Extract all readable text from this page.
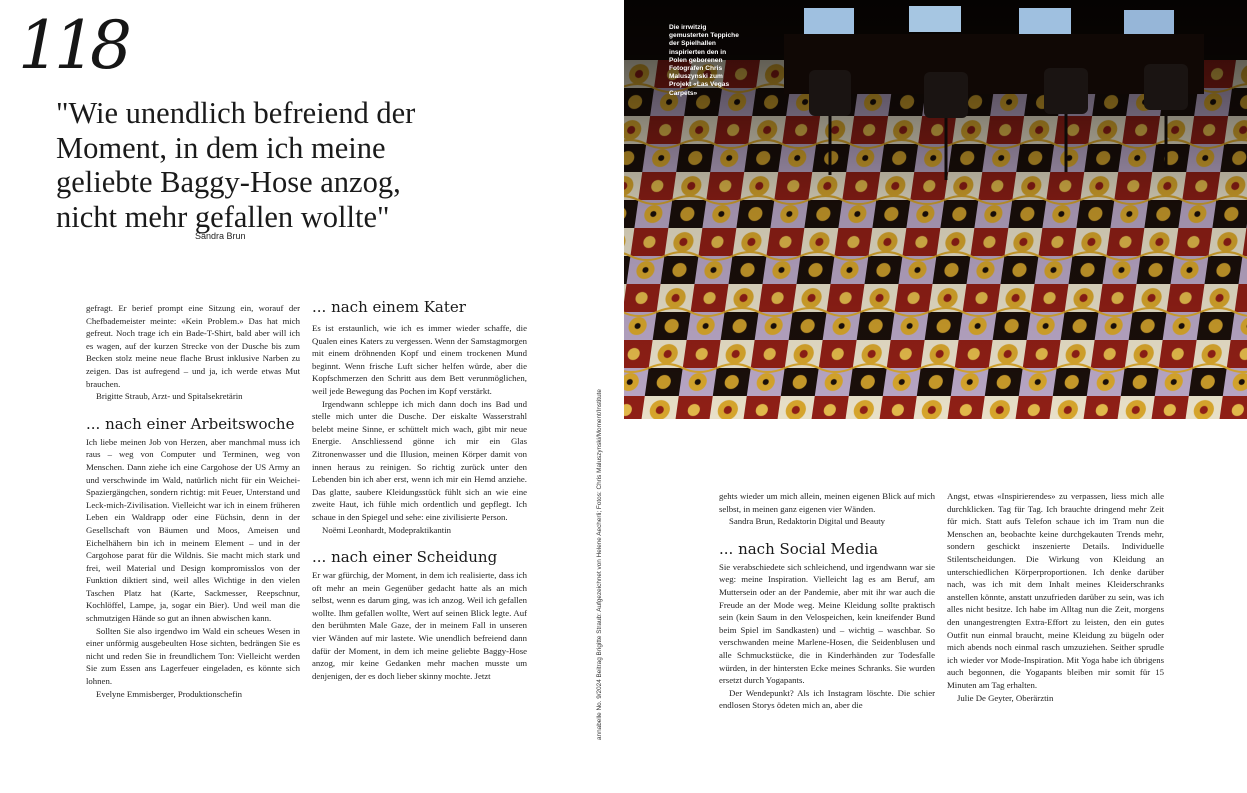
118
"Wie unendlich befreiend der
Moment, in dem ich meine
geliebte Baggy-Hose anzog,
nicht mehr gefallen wollte"
Sandra Brun

gefragt. Er berief prompt eine Sitzung ein, worauf der Chefbademeister meinte: «Kein Problem.» Das hat mich gefreut. Noch trage ich ein Bade-T-Shirt, bald aber will ich es wagen, auf der kurzen Strecke von der Dusche bis zum Becken stolz meine neue flache Brust inklusive Narben zu zeigen. Das ist aufregend – und ja, ich werde etwas Mut brauchen.

Brigitte Straub, Arzt- und Spitalsekretärin

... nach einer Arbeitswoche

Ich liebe meinen Job von Herzen, aber manchmal muss ich raus – weg von Computer und Terminen, weg von Menschen. Dann ziehe ich eine Cargohose der US Army an und verschwinde im Wald, natürlich nicht für ein Weichei-Spaziergängchen, sondern richtig: mit Feuer, Unterstand und Leck-mich-Zivilisation. Vielleicht war ich in einem früheren Leben ein Waldrapp oder eine Füchsin, denn in der Gesellschaft von Bäumen und Moos, Ameisen und Eichelhähern bin ich in meinem Element – und in der Cargohose parat für die Wildnis. Sie macht mich stark und frei, weil Material und Design kompromisslos von der Funktion diktiert sind, weil alles Wichtige in den vielen Taschen Platz hat (Karte, Sackmesser, Reepschnur, Kochlöffel, Lampe, ja, sogar ein Bier). Und weil man die schmutzigen Hände so gut an ihnen abwischen kann.

Sollten Sie also irgendwo im Wald ein scheues Wesen in einer unförmig ausgebeulten Hose sichten, bedrängen Sie es nicht und reden Sie in freundlichem Ton: Vielleicht werden Sie zum Essen ans Lagerfeuer eingeladen, es könnte sich lohnen.

Evelyne Emmisberger, Produktionschefin

... nach einem Kater

Es ist erstaunlich, wie ich es immer wieder schaffe, die Qualen eines Katers zu vergessen. Wenn der Samstagmorgen mit einem dröhnenden Kopf und einem trockenen Mund beginnt. Wenn frische Luft sicher helfen würde, aber die Kopfschmerzen den Schritt aus dem Bett verunmöglichen, weil jede Bewegung das Pochen im Kopf verstärkt.

Irgendwann schleppe ich mich dann doch ins Bad und stelle mich unter die Dusche. Der eiskalte Wasserstrahl belebt meine Sinne, er schüttelt mich wach, gibt mir neue Energie. Anschliessend gönne ich mir ein Glas Zitronenwasser und die Illusion, meinen Körper damit von innen heraus zu reinigen. So richtig zurück unter den Lebenden bin ich aber erst, wenn ich mir ein Hemd anziehe. Das glatte, saubere Kleidungsstück fühlt sich an wie eine zweite Haut, ich fühle mich ordentlich und gepflegt. Ich schaue in den Spiegel und sehe: eine zivilisierte Person.

Noëmi Leonhardt, Modepraktikantin

... nach einer Scheidung

Er war gfürchig, der Moment, in dem ich realisierte, dass ich oft mehr an mein Gegenüber gedacht hatte als an mich selbst, wenn es darum ging, was ich anzog. Weil ich gefallen wollte. Ihm gefallen wollte, Wert auf seinen Blick legte. Auf den berühmten Male Gaze, der in meinem Fall in unseren vier Wänden auf mir lastete. Wie unendlich befreiend dann dafür der Moment, in dem ich meine geliebte Baggy-Hose anzog, mir keine Gedanken mehr machen musste um denjenigen, der es doch lieber skinny mochte. Jetzt	annabelle No. 9/2024 Beitrag Brigitte Straub: Aufgezeichnet von Helene Aecherli; Fotos: Chris Maluszynski/Moment/Institute
Die irrwitzig gemusterten Teppiche der Spielhallen inspirierten den in Polen geborenen Fotografen Chris Maluszynski zum Projekt «Las Vegas Carpets»

gehts wieder um mich allein, meinen eigenen Blick auf mich selbst, in meinen ganz eigenen vier Wänden.

Sandra Brun, Redaktorin Digital und Beauty

... nach Social Media

Sie verabschiedete sich schleichend, und irgendwann war sie weg: meine Inspiration. Vielleicht lag es am Beruf, am Muttersein oder an der Pandemie, aber mit ihr war auch die Freude an der Mode weg. Meine Kleidung sollte praktisch sein (kein Saum in den Velospeichen, kein kneifender Bund beim Spiel im Sandkasten) und – wichtig – waschbar. So verschwanden meine Marlene-Hosen, die Seidenblusen und alle Schmuckstücke, die in Kinderhänden zur Todesfalle würden, in der hintersten Ecke meines Schranks. Sie wurden ersetzt durch Yogapants.

Der Wendepunkt? Als ich Instagram löschte. Die schier endlosen Storys ödeten mich an, aber die

Angst, etwas «Inspirierendes» zu verpassen, liess mich alle durchklicken. Tag für Tag. Ich brauchte dringend mehr Zeit für mich. Statt aufs Telefon schaue ich im Tram nun die Menschen an, beobachte keine durchgekauten Trends mehr, sondern geschickt inszenierte Details. Individuelle Stilentscheidungen. Die Wirkung von Kleidung an unterschiedlichen Körperproportionen. Ich denke darüber nach, was ich mit dem Inhalt meines Kleiderschranks anstellen könnte, anstatt unzufrieden darüber zu sein, was ich alles nicht besitze. Ich habe im Alltag nun die Zeit, morgens den unangestrengten Extra-Effort zu leisten, den ein gutes Outfit nun einmal braucht, meine Kleidung zu bügeln oder mich abends noch einmal rasch umzuziehen. Seither sprudle ich wieder vor Mode-Inspiration. Mit Yoga habe ich übrigens auch begonnen, die Yogapants bleiben mir somit für 15 Minuten am Tag erhalten.

Julie De Geyter, Oberärztin
